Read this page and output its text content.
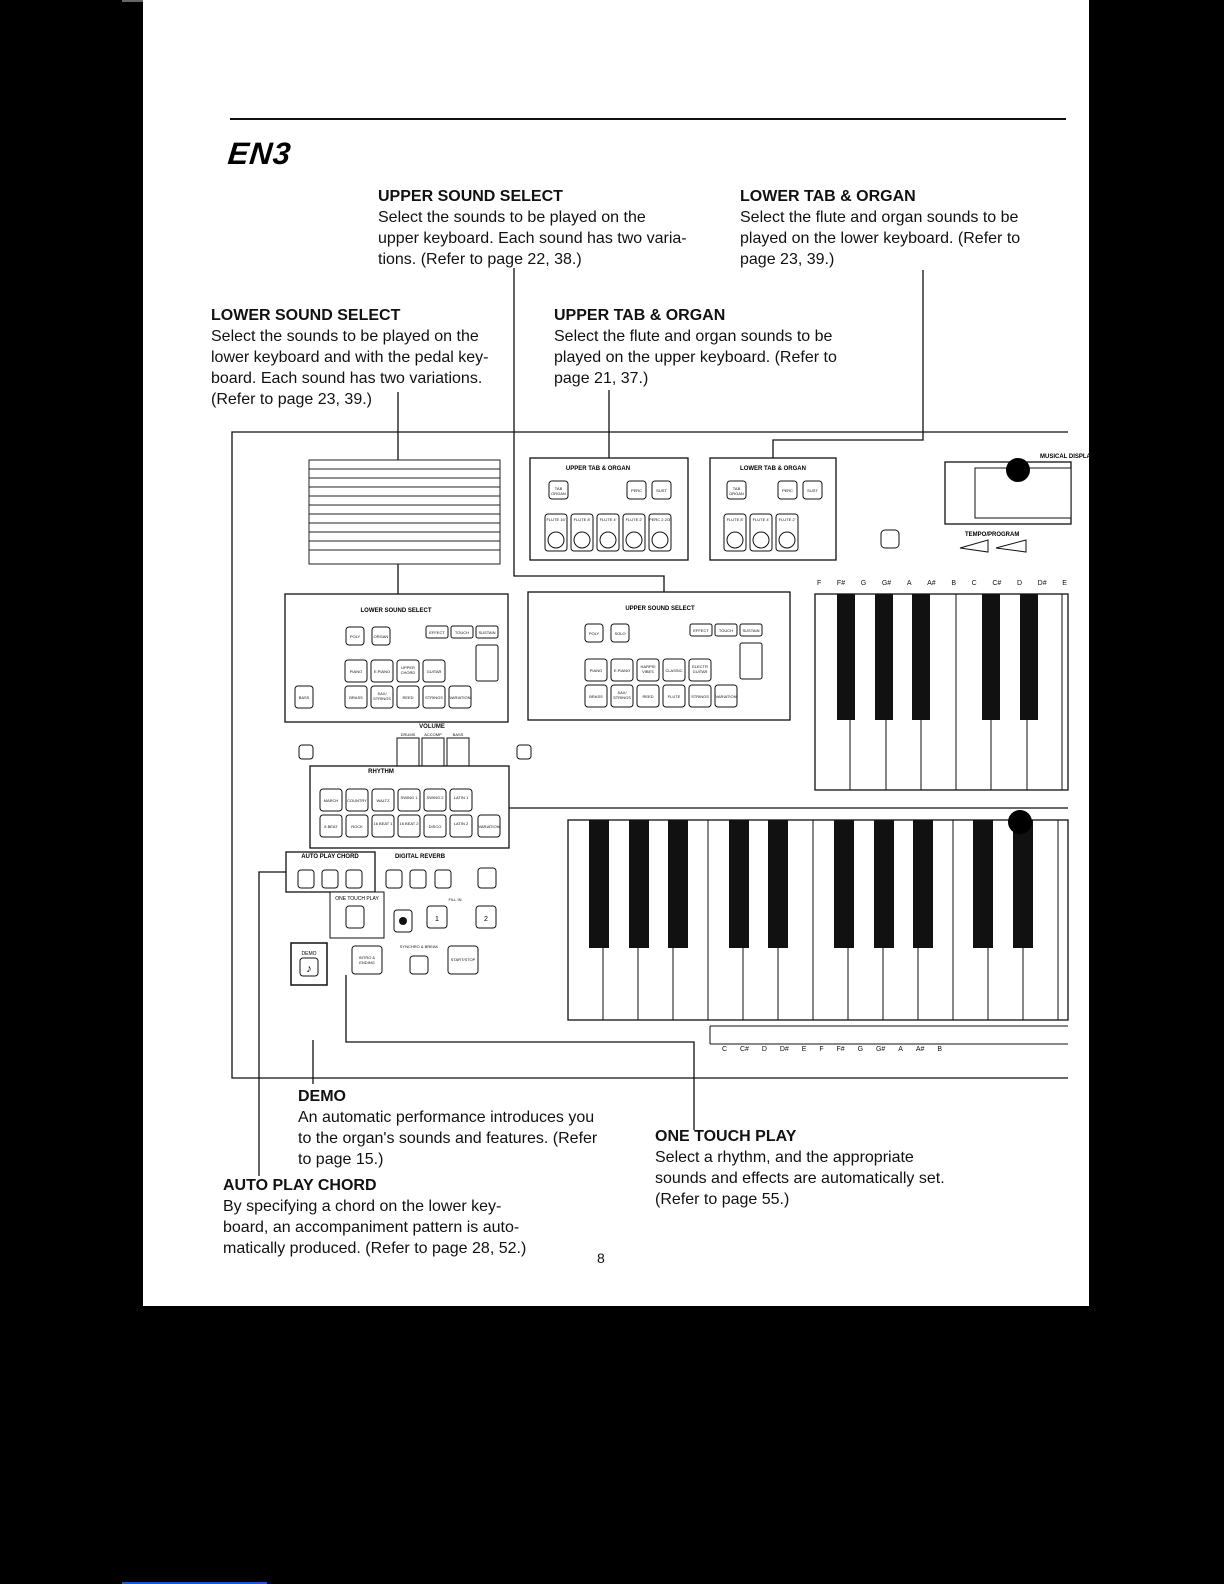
EN3
UPPER SOUND SELECT
Select the sounds to be played on the
upper keyboard. Each sound has two varia-
tions. (Refer to page 22, 38.)
LOWER TAB & ORGAN
Select the flute and organ sounds to be
played on the lower keyboard. (Refer to
page 23, 39.)
LOWER SOUND SELECT
Select the sounds to be played on the
lower keyboard and with the pedal key-
board. Each sound has two variations.
(Refer to page 23, 39.)
UPPER TAB & ORGAN
Select the flute and organ sounds to be
played on the upper keyboard. (Refer to
page 21, 37.)
DEMO
An automatic performance introduces you
to the organ's sounds and features. (Refer
to page 15.)
ONE TOUCH PLAY
Select a rhythm, and the appropriate
sounds and effects are automatically set.
(Refer to page 55.)
AUTO PLAY CHORD
By specifying a chord on the lower key-
board, an accompaniment pattern is auto-
matically produced. (Refer to page 28, 52.)
8
UPPER TAB & ORGAN	LOWER TAB & ORGAN
MUSICAL DISPLAY
TEMPO/PROGRAM
LOWER SOUND SELECT	UPPER SOUND SELECT
VOLUME
RHYTHM
AUTO PLAY CHORD	DIGITAL REVERB
ONE TOUCH PLAY
1	2
DEMO
♪
F F# G G# A A# B C C# D D# E
C C# D D# E F F# G G# A A# B
TAB ORGAN
PERC	SUST
FLUTE 16'	FLUTE 8'	FLUTE 4'	FLUTE 2'	PERC 2 2/3'
TAB ORGAN
PERC	SUST
FLUTE 8'	FLUTE 4'	FLUTE 2'
POLY	ORGAN
EFFECT	TOUCH	SUSTAIN
PIANO	E.PIANO
UPPER CHORD	GUITAR
BRASS
SAX/ STRINGS	REED	STRINGS	VARIATION
BASS
POLY	SOLO
EFFECT	TOUCH	SUSTAIN
PIANO	E.PIANO
HARPSI VIBES	CLASSIC
ELECTR GUITAR
BRASS
SAX/ STRINGS	REED	FLUTE	STRINGS	VARIATION
DRUMS	ACCOMP	BASS
MARCH	COUNTRY	WALTZ
SWING 1	SWING 2	LATIN 1
8 BEAT	ROCK
16 BEAT 1	16 BEAT 2
DISCO
LATIN 2
VARIATION
INTRO & ENDING
SYNCHRO & BREAK
START/STOP
FILL IN
